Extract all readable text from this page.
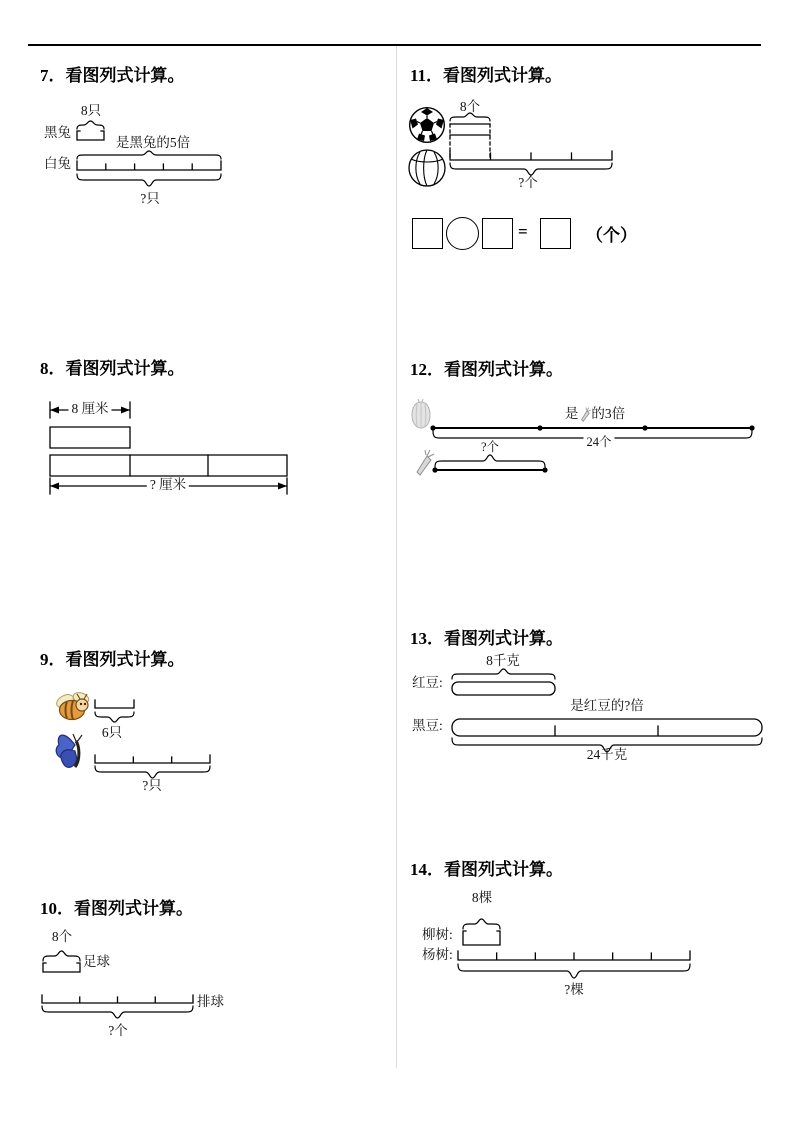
7．看图列式计算。
8只
黑兔
是黑兔的5倍
白兔
?只
8．看图列式计算。
8 厘米
? 厘米
9．看图列式计算。
6只
?只
10．看图列式计算。
8个
足球
排球
?个
11．看图列式计算。
8个
?个
=	（个）
12．看图列式计算。
是 的3倍
24个
?个
13．看图列式计算。
8千克
红豆:
是红豆的?倍
黑豆:
24千克
14．看图列式计算。
8棵
柳树:
杨树:
?棵
